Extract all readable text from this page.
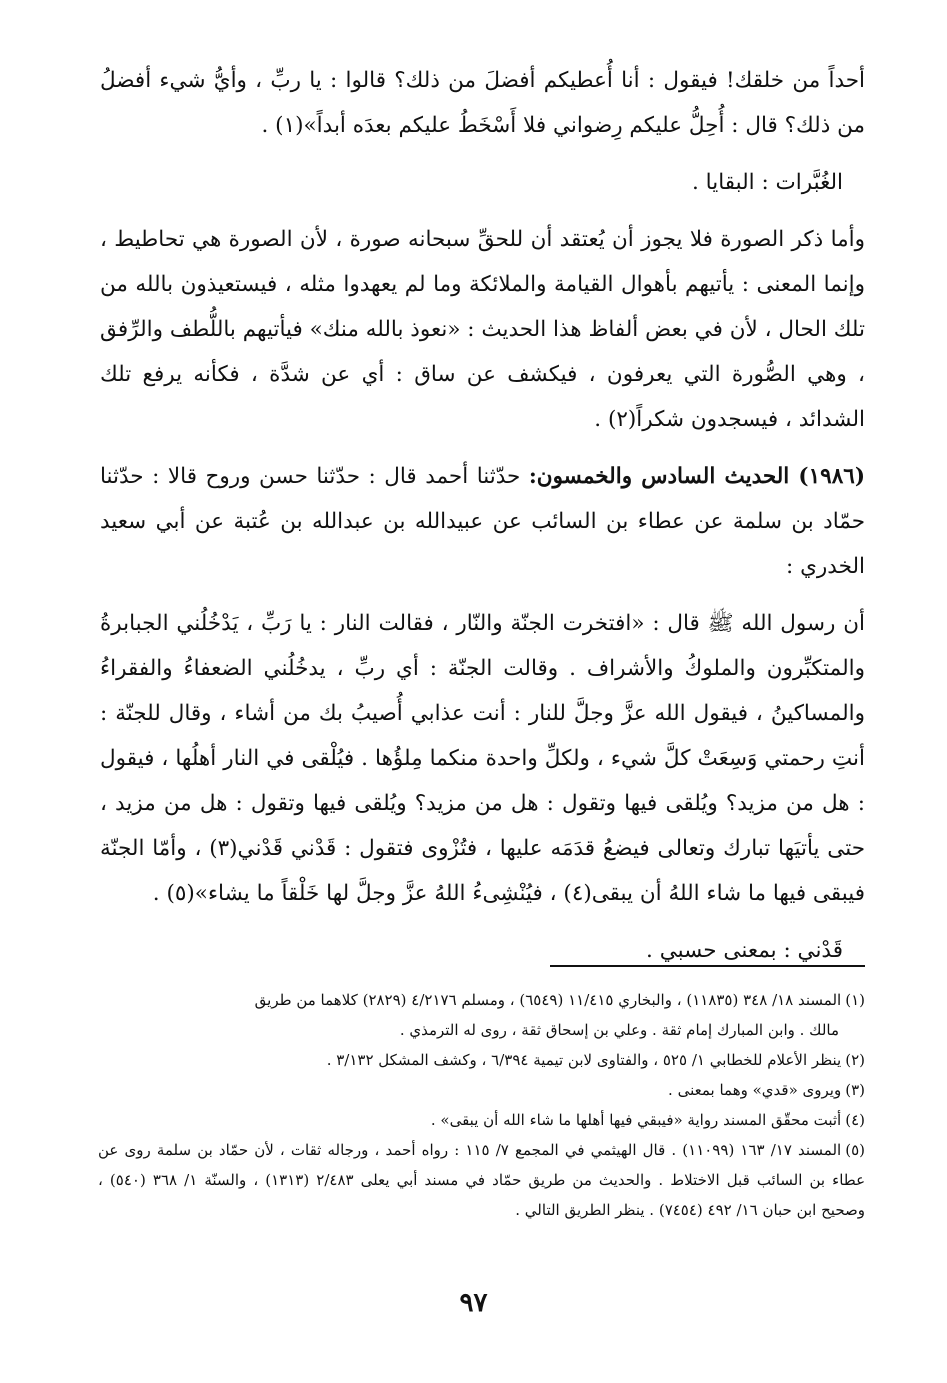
أحداً من خلقك! فيقول : أنا أُعطيكم أفضلَ من ذلك؟ قالوا : يا ربِّ ، وأيُّ شيء أفضلُ من ذلك؟ قال : أُحِلُّ عليكم رِضواني فلا أَسْخَطُ عليكم بعدَه أبداً»(١) .

الغُبَّرات : البقايا .

وأما ذكر الصورة فلا يجوز أن يُعتقد أن للحقِّ سبحانه صورة ، لأن الصورة هي تحاطيط ، وإنما المعنى : يأتيهم بأهوال القيامة والملائكة وما لم يعهدوا مثله ، فيستعيذون بالله من تلك الحال ، لأن في بعض ألفاظ هذا الحديث : «نعوذ بالله منك» فيأتيهم باللُّطف والرِّفق ، وهي الصُّورة التي يعرفون ، فيكشف عن ساق : أي عن شدَّة ، فكأنه يرفع تلك الشدائد ، فيسجدون شكراً(٢) .

(١٩٨٦) الحديث السادس والخمسون: حدّثنا أحمد قال : حدّثنا حسن وروح قالا : حدّثنا حمّاد بن سلمة عن عطاء بن السائب عن عبيدالله بن عبدالله بن عُتبة عن أبي سعيد الخدري :

أن رسول الله ﷺ قال : «افتخرت الجنّة والنّار ، فقالت النار : يا رَبِّ ، يَدْخُلُني الجبابرةُ والمتكبِّرون والملوكُ والأشراف . وقالت الجنّة : أي ربِّ ، يدخُلُني الضعفاءُ والفقراءُ والمساكينُ ، فيقول الله عزَّ وجلَّ للنار : أنت عذابي أُصيبُ بك من أشاء ، وقال للجنّة : أنتِ رحمتي وَسِعَتْ كلَّ شيء ، ولكلِّ واحدة منكما مِلؤُها . فيُلْقى في النار أهلُها ، فيقول : هل من مزيد؟ ويُلقى فيها وتقول : هل من مزيد؟ ويُلقى فيها وتقول : هل من مزيد ، حتى يأتيَها تبارك وتعالى فيضعُ قدَمَه عليها ، فتُزْوى فتقول : قَدْني قَدْني(٣) ، وأمّا الجنّة فيبقى فيها ما شاء اللهُ أن يبقى(٤) ، فيُنْشِىءُ اللهُ عزَّ وجلَّ لها خَلْقاً ما يشاء»(٥) .

قَدْني : بمعنى حسبي .

(١)المسند ١٨/ ٣٤٨ (١١٨٣٥) ، والبخاري ١١/٤١٥ (٦٥٤٩) ، ومسلم ٤/٢١٧٦ (٢٨٢٩) كلاهما من طريق

مالك . وابن المبارك إمام ثقة . وعلي بن إسحاق ثقة ، روى له الترمذي .

(٢)ينظر الأعلام للخطابي ١/ ٥٢٥ ، والفتاوى لابن تيمية ٦/٣٩٤ ، وكشف المشكل ٣/١٣٢ .

(٣)ويروى «قدي» وهما بمعنى .

(٤)أثبت محقّق المسند رواية «فيبقي فيها أهلها ما شاء الله أن يبقى» .

(٥)المسند ١٧/ ١٦٣ (١١٠٩٩) . قال الهيثمي في المجمع ٧/ ١١٥ : رواه أحمد ، ورجاله ثقات ، لأن حمّاد بن سلمة روى عن عطاء بن السائب قبل الاختلاط . والحديث من طريق حمّاد في مسند أبي يعلى ٢/٤٨٣ (١٣١٣) ، والسنّة ١/ ٣٦٨ (٥٤٠) ، وصحيح ابن حبان ١٦/ ٤٩٢ (٧٤٥٤) . ينظر الطريق التالي .

٩٧
